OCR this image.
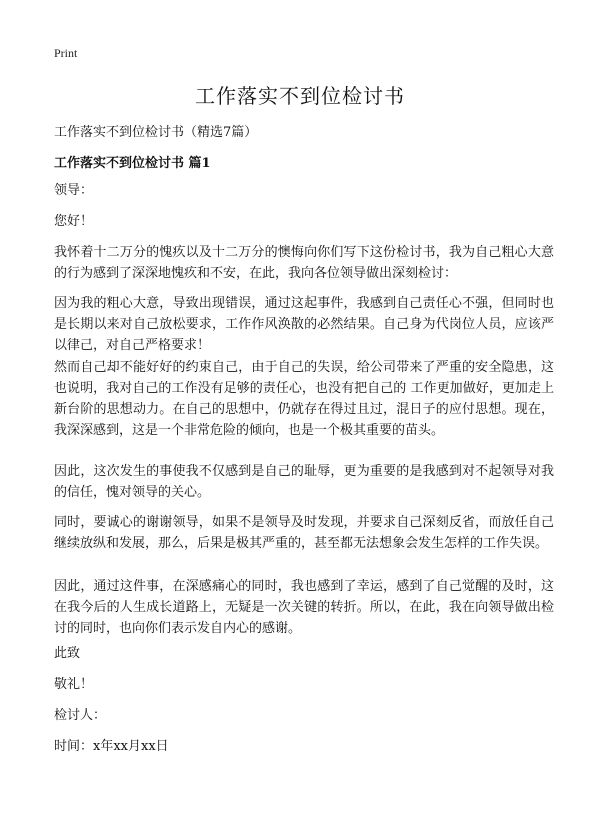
Print
工作落实不到位检讨书
工作落实不到位检讨书（精选7篇）
工作落实不到位检讨书 篇1

领导：

您好！

我怀着十二万分的愧疚以及十二万分的懊悔向你们写下这份检讨书，我为自己粗心大意的行为感到了深深地愧疚和不安，在此，我向各位领导做出深刻检讨：

因为我的粗心大意，导致出现错误，通过这起事件，我感到自己责任心不强，但同时也是长期以来对自己放松要求，工作作风涣散的必然结果。自己身为代岗位人员，应该严以律己，对自己严格要求！

然而自己却不能好好的约束自己，由于自己的失误，给公司带来了严重的安全隐患，这也说明，我对自己的工作没有足够的责任心，也没有把自己的 工作更加做好，更加走上新台阶的思想动力。在自己的思想中，仍就存在得过且过，混日子的应付思想。现在，我深深感到，这是一个非常危险的倾向，也是一个极其重要的苗头。

因此，这次发生的事使我不仅感到是自己的耻辱，更为重要的是我感到对不起领导对我的信任，愧对领导的关心。

同时，要诚心的谢谢领导，如果不是领导及时发现，并要求自己深刻反省，而放任自己继续放纵和发展，那么，后果是极其严重的，甚至都无法想象会发生怎样的工作失误。

因此，通过这件事，在深感痛心的同时，我也感到了幸运，感到了自己觉醒的及时，这在我今后的人生成长道路上，无疑是一次关键的转折。所以，在此，我在向领导做出检讨的同时，也向你们表示发自内心的感谢。

此致

敬礼！

检讨人：

时间：x年xx月xx日
